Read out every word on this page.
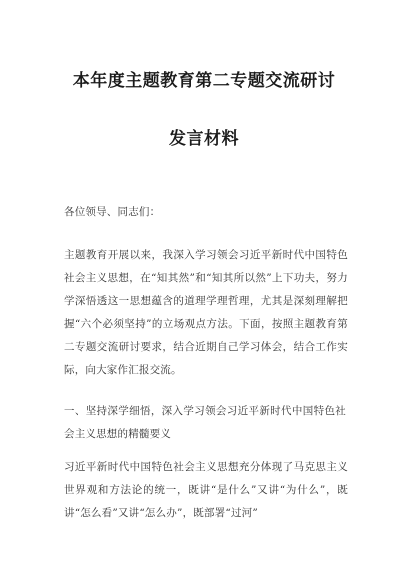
本年度主题教育第二专题交流研讨
发言材料
各位领导、同志们：
主题教育开展以来，我深入学习领会习近平新时代中国特色社会主义思想，在“知其然”和“知其所以然”上下功夫，努力学深悟透这一思想蕴含的道理学理哲理，尤其是深刻理解把握“六个必须坚持”的立场观点方法。下面，按照主题教育第二专题交流研讨要求，结合近期自己学习体会，结合工作实际，向大家作汇报交流。
一、坚持深学细悟，深入学习领会习近平新时代中国特色社会主义思想的精髓要义
习近平新时代中国特色社会主义思想充分体现了马克思主义世界观和方法论的统一，既讲“是什么”又讲“为什么”，既讲“怎么看”又讲“怎么办”，既部署“过河”
